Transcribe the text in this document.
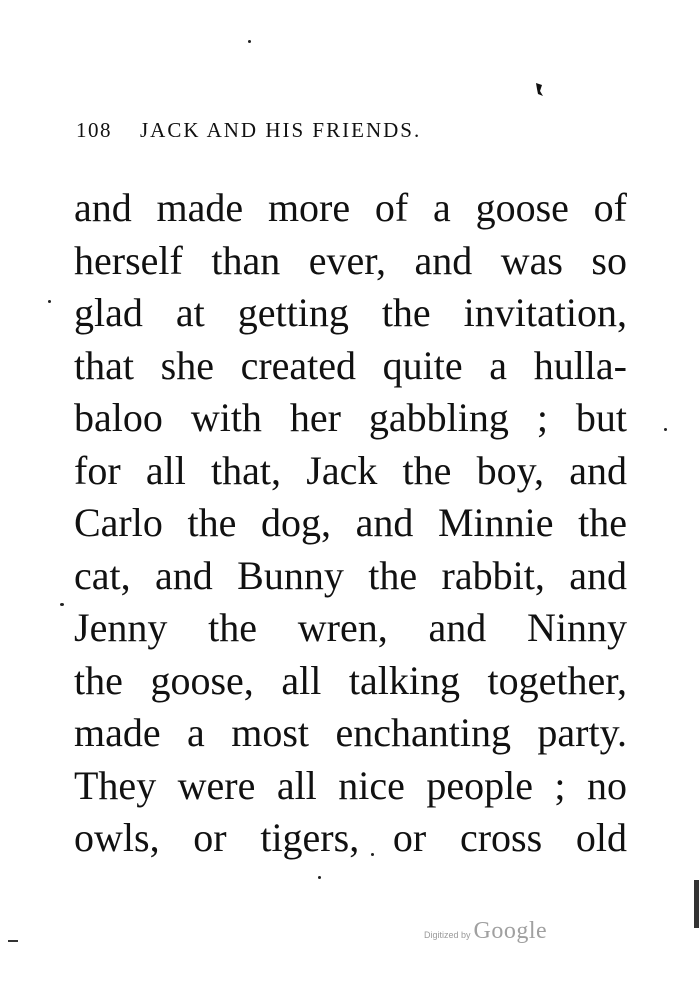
108 JACK AND HIS FRIENDS.
and made more of a goose of
herself than ever, and was so
glad at getting the invitation,
that she created quite a hulla-
baloo with her gabbling ; but
for all that, Jack the boy, and
Carlo the dog, and Minnie the
cat, and Bunny the rabbit, and
Jenny the wren, and Ninny
the goose, all talking together,
made a most enchanting party.
They were all nice people ; no
owls, or tigers, or cross old
Digitized by Google
